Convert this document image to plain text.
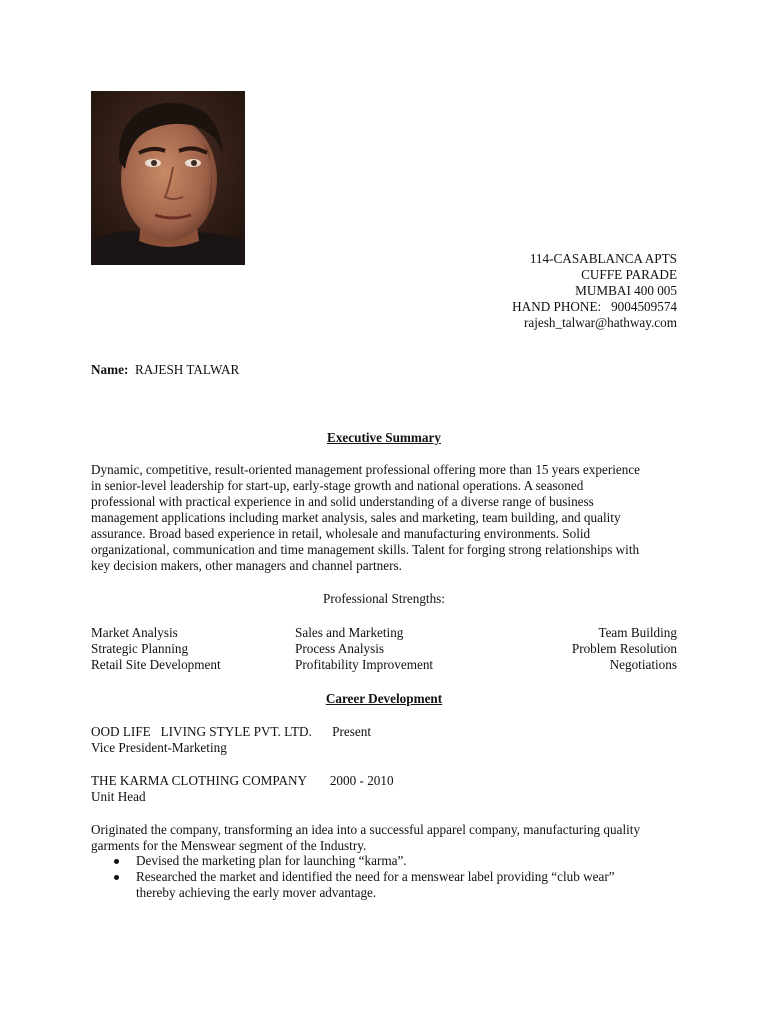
114-CASABLANCA APTS
CUFFE PARADE
MUMBAI 400 005
HAND PHONE:   9004509574
rajesh_talwar@hathway.com
Name: RAJESH TALWAR
Executive Summary
Dynamic, competitive, result-oriented management professional offering more than 15 years experience
in senior-level leadership for start-up, early-stage growth and national operations. A seasoned
professional with practical experience in and solid understanding of a diverse range of business
management applications including market analysis, sales and marketing, team building, and quality
assurance. Broad based experience in retail, wholesale and manufacturing environments. Solid
organizational, communication and time management skills. Talent for forging strong relationships with
key decision makers, other managers and channel partners.
Professional Strengths:
Market Analysis
Strategic Planning
Retail Site Development
Sales and Marketing
Process Analysis
Profitability Improvement
Team Building
Problem Resolution
Negotiations
Career Development
OOD LIFE   LIVING STYLE PVT. LTD. Present
Vice President-Marketing
THE KARMA CLOTHING COMPANY 2000 - 2010
Unit Head
Originated the company, transforming an idea into a successful apparel company, manufacturing quality
garments for the Menswear segment of the Industry.
Devised the marketing plan for launching “karma”.
Researched the market and identified the need for a menswear label providing “club wear”
thereby achieving the early mover advantage.
